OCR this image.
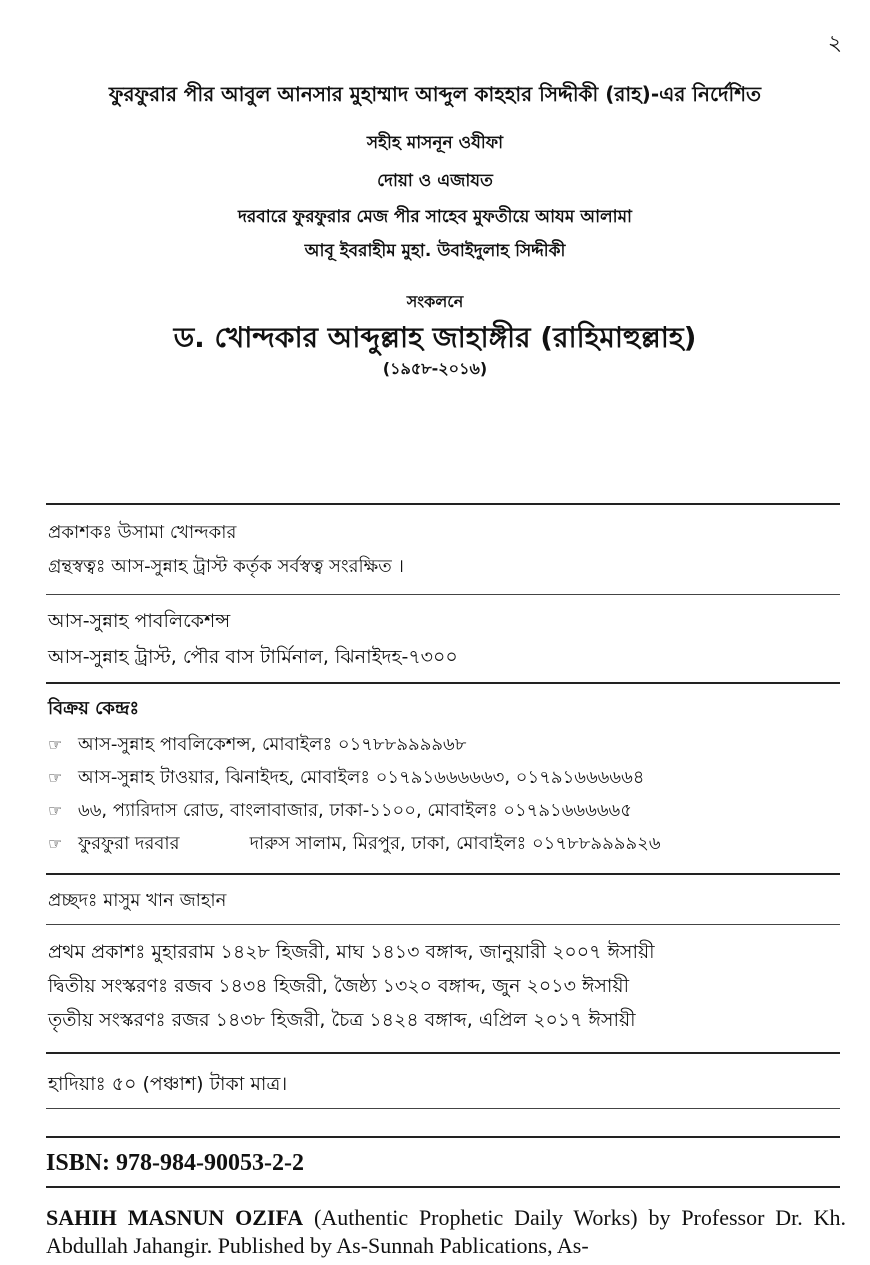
২
ফুরফুরার পীর আবুল আনসার মুহাম্মাদ আব্দুল কাহহার সিদ্দীকী (রাহ)-এর নির্দেশিত
সহীহ মাসনূন ওযীফা
দোয়া ও এজাযত
দরবারে ফুরফুরার মেজ পীর সাহেব মুফতীয়ে আযম আলামা
আবূ ইবরাহীম মুহা. উবাইদুলাহ সিদ্দীকী
সংকলনে
ড. খোন্দকার আব্দুল্লাহ জাহাঙ্গীর (রাহিমাহুল্লাহ)
(১৯৫৮-২০১৬)
প্রকাশকঃ উসামা খোন্দকার
গ্রন্থস্বত্বঃ আস-সুন্নাহ ট্রাস্ট কর্তৃক সর্বস্বত্ব সংরক্ষিত ।
আস-সুন্নাহ পাবলিকেশন্স
আস-সুন্নাহ ট্রাস্ট, পৌর বাস টার্মিনাল, ঝিনাইদহ-৭৩০০
বিক্রয় কেন্দ্রঃ
☞ আস-সুন্নাহ পাবলিকেশন্স, মোবাইলঃ ০১৭৮৮৯৯৯৯৬৮
☞ আস-সুন্নাহ টাওয়ার, ঝিনাইদহ, মোবাইলঃ ০১৭৯১৬৬৬৬৬৩, ০১৭৯১৬৬৬৬৬৪
☞ ৬৬, প্যারিদাস রোড, বাংলাবাজার, ঢাকা-১১০০, মোবাইলঃ ০১৭৯১৬৬৬৬৬৫
☞ ফুরফুরা দরবার	দারুস সালাম, মিরপুর, ঢাকা, মোবাইলঃ ০১৭৮৮৯৯৯৯২৬
প্রচ্ছদঃ মাসুম খান জাহান
প্রথম প্রকাশঃ মুহাররাম ১৪২৮ হিজরী, মাঘ ১৪১৩ বঙ্গাব্দ, জানুয়ারী ২০০৭ ঈসায়ী
দ্বিতীয় সংস্করণঃ রজব ১৪৩৪ হিজরী, জৈষ্ঠ্য ১৩২০ বঙ্গাব্দ, জুন ২০১৩ ঈসায়ী
তৃতীয় সংস্করণঃ রজর ১৪৩৮ হিজরী, চৈত্র ১৪২৪ বঙ্গাব্দ, এপ্রিল ২০১৭ ঈসায়ী
হাদিয়াঃ ৫০ (পঞ্চাশ) টাকা মাত্র।
ISBN: 978-984-90053-2-2
SAHIH MASNUN OZIFA (Authentic Prophetic Daily Works) by Professor Dr. Kh. Abdullah Jahangir. Published by As-Sunnah Pablications, As-
